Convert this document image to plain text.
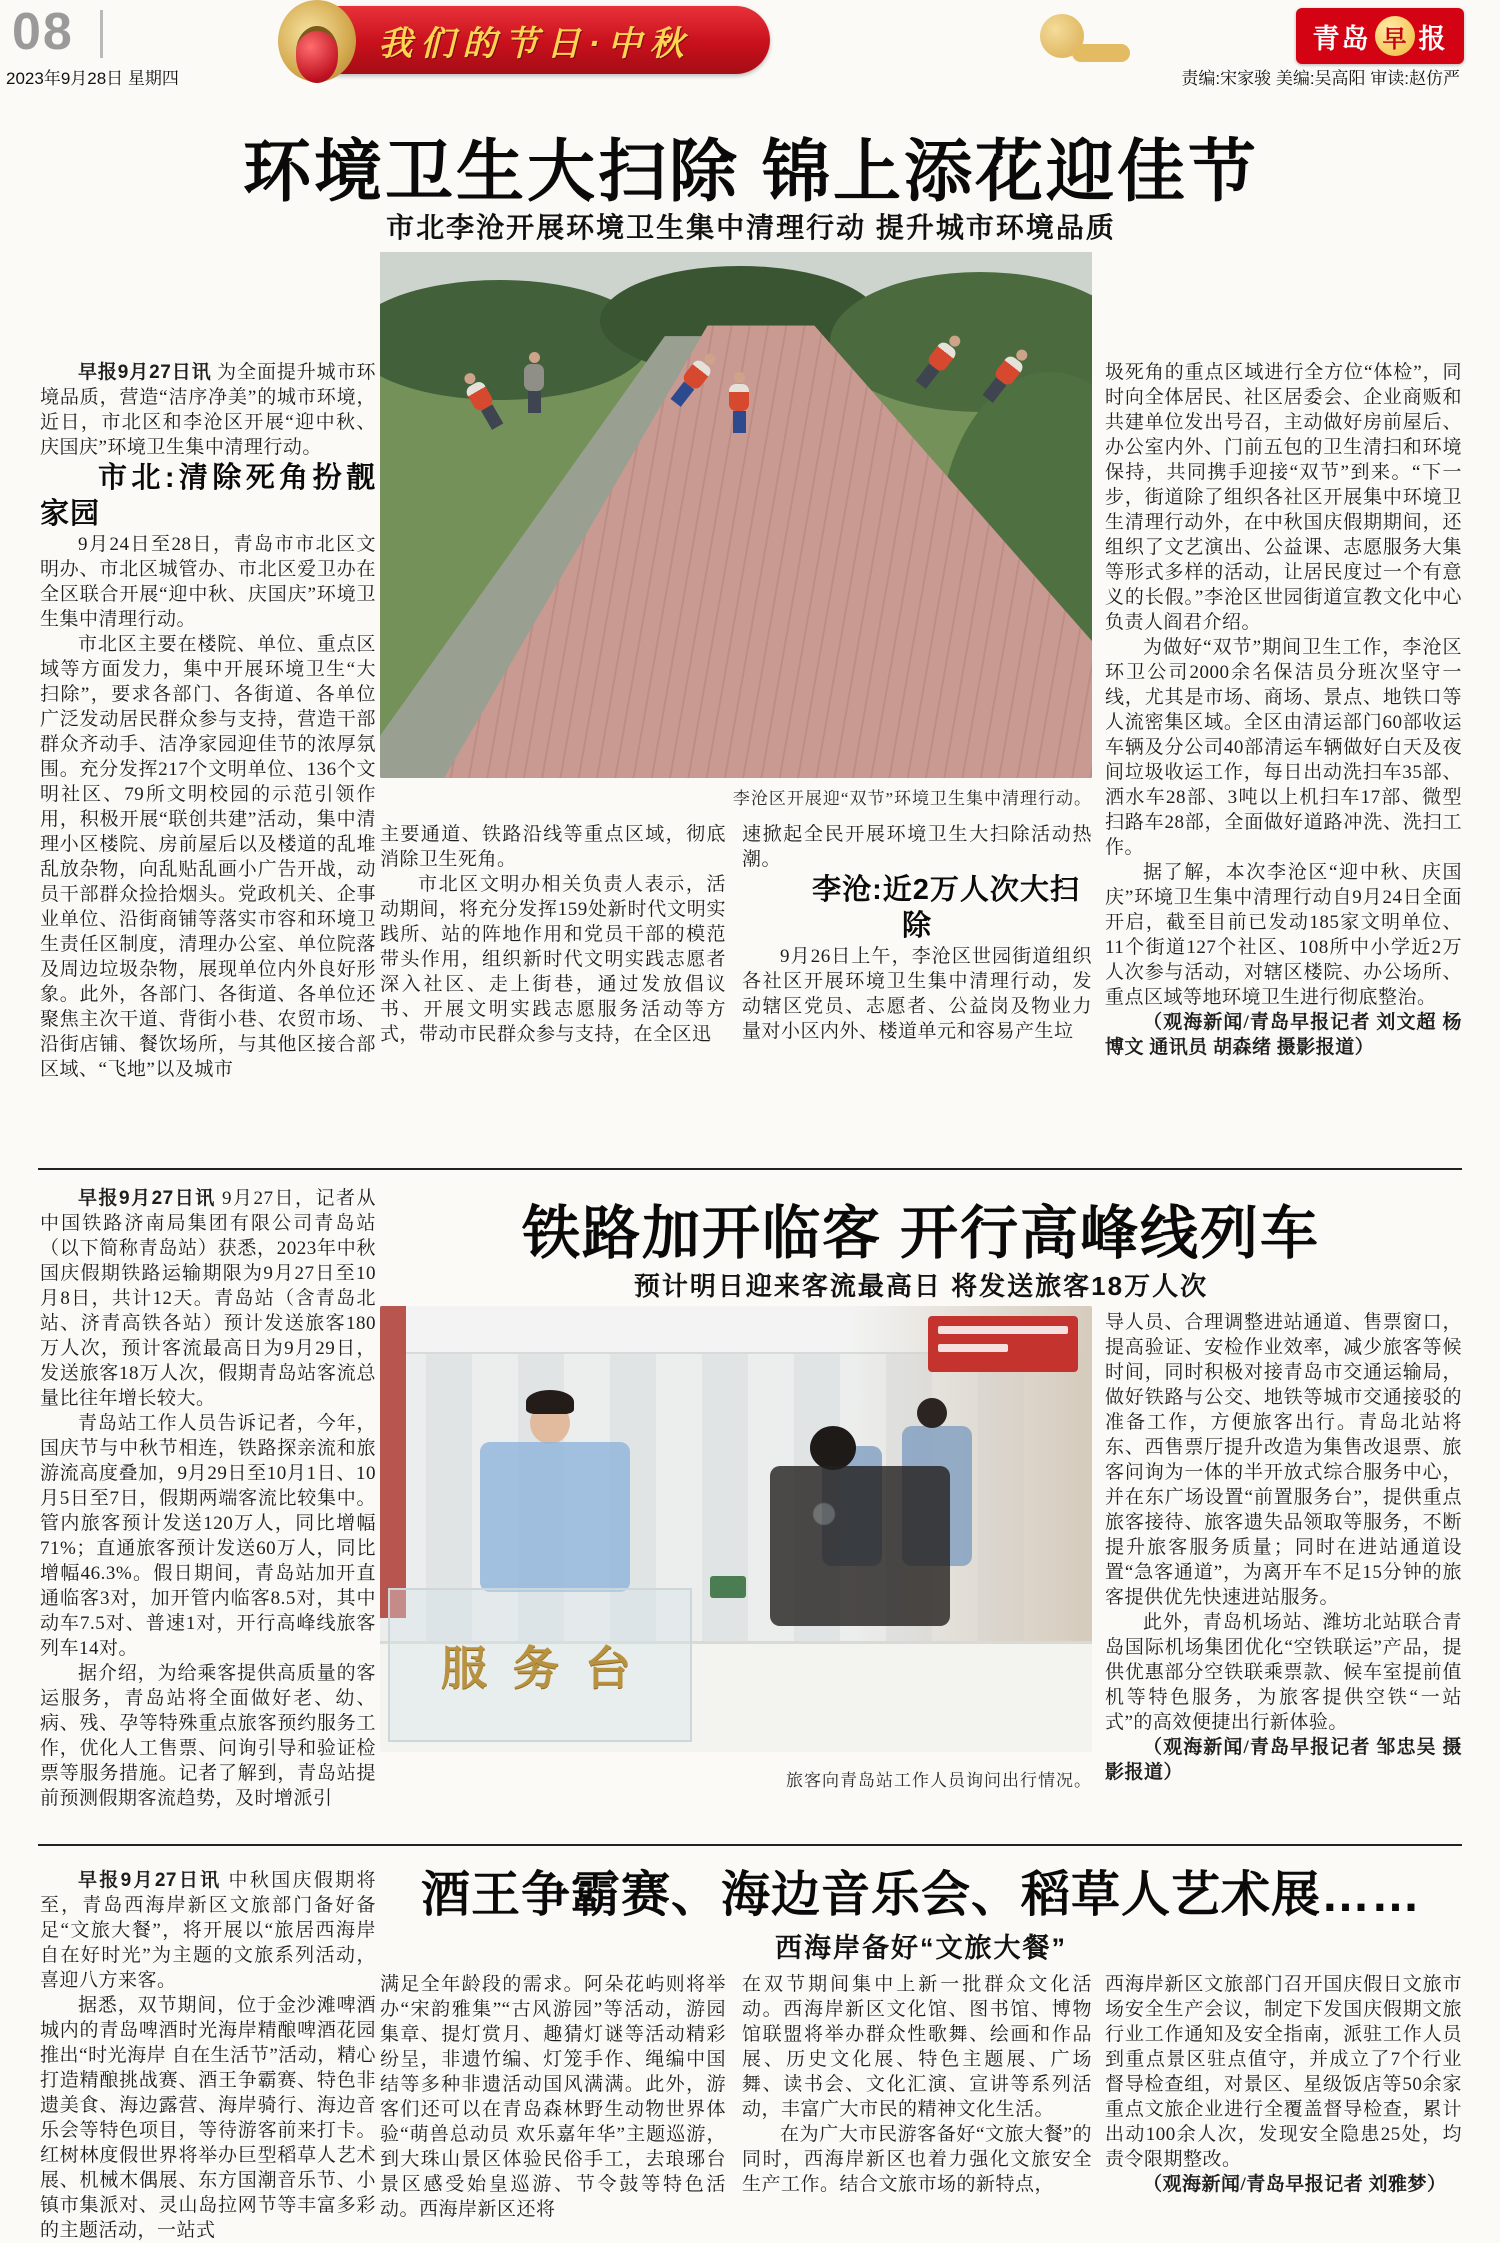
08
2023年9月28日 星期四
我们的节日·中秋	青岛 早 报
责编:宋家骏 美编:吴高阳 审读:赵仿严
环境卫生大扫除 锦上添花迎佳节
市北李沧开展环境卫生集中清理行动 提升城市环境品质

早报9月27日讯 为全面提升城市环境品质，营造“洁序净美”的城市环境，近日，市北区和李沧区开展“迎中秋、庆国庆”环境卫生集中清理行动。

市北:清除死角扮靓家园

9月24日至28日，青岛市市北区文明办、市北区城管办、市北区爱卫办在全区联合开展“迎中秋、庆国庆”环境卫生集中清理行动。

市北区主要在楼院、单位、重点区域等方面发力，集中开展环境卫生“大扫除”，要求各部门、各街道、各单位广泛发动居民群众参与支持，营造干部群众齐动手、洁净家园迎佳节的浓厚氛围。充分发挥217个文明单位、136个文明社区、79所文明校园的示范引领作用，积极开展“联创共建”活动，集中清理小区楼院、房前屋后以及楼道的乱堆乱放杂物，向乱贴乱画小广告开战，动员干部群众捡拾烟头。党政机关、企事业单位、沿街商铺等落实市容和环境卫生责任区制度，清理办公室、单位院落及周边垃圾杂物，展现单位内外良好形象。此外，各部门、各街道、各单位还聚焦主次干道、背街小巷、农贸市场、沿街店铺、餐饮场所，与其他区接合部区域、“飞地”以及城市

李沧区开展迎“双节”环境卫生集中清理行动。

主要通道、铁路沿线等重点区域，彻底消除卫生死角。

市北区文明办相关负责人表示，活动期间，将充分发挥159处新时代文明实践所、站的阵地作用和党员干部的模范带头作用，组织新时代文明实践志愿者深入社区、走上街巷，通过发放倡议书、开展文明实践志愿服务活动等方式，带动市民群众参与支持，在全区迅

速掀起全民开展环境卫生大扫除活动热潮。

李沧:近2万人次大扫除

9月26日上午，李沧区世园街道组织各社区开展环境卫生集中清理行动，发动辖区党员、志愿者、公益岗及物业力量对小区内外、楼道单元和容易产生垃

圾死角的重点区域进行全方位“体检”，同时向全体居民、社区居委会、企业商贩和共建单位发出号召，主动做好房前屋后、办公室内外、门前五包的卫生清扫和环境保持，共同携手迎接“双节”到来。“下一步，街道除了组织各社区开展集中环境卫生清理行动外，在中秋国庆假期期间，还组织了文艺演出、公益课、志愿服务大集等形式多样的活动，让居民度过一个有意义的长假。”李沧区世园街道宣教文化中心负责人阎君介绍。

为做好“双节”期间卫生工作，李沧区环卫公司2000余名保洁员分班次坚守一线，尤其是市场、商场、景点、地铁口等人流密集区域。全区由清运部门60部收运车辆及分公司40部清运车辆做好白天及夜间垃圾收运工作，每日出动洗扫车35部、洒水车28部、3吨以上机扫车17部、微型扫路车28部，全面做好道路冲洗、洗扫工作。

据了解，本次李沧区“迎中秋、庆国庆”环境卫生集中清理行动自9月24日全面开启，截至目前已发动185家文明单位、11个街道127个社区、108所中小学近2万人次参与活动，对辖区楼院、办公场所、重点区域等地环境卫生进行彻底整治。

（观海新闻/青岛早报记者 刘文超 杨博文 通讯员 胡森绪 摄影报道）

早报9月27日讯 9月27日，记者从中国铁路济南局集团有限公司青岛站（以下简称青岛站）获悉，2023年中秋国庆假期铁路运输期限为9月27日至10月8日，共计12天。青岛站（含青岛北站、济青高铁各站）预计发送旅客180万人次，预计客流最高日为9月29日，发送旅客18万人次，假期青岛站客流总量比往年增长较大。

青岛站工作人员告诉记者，今年，国庆节与中秋节相连，铁路探亲流和旅游流高度叠加，9月29日至10月1日、10月5日至7日，假期两端客流比较集中。管内旅客预计发送120万人，同比增幅71%；直通旅客预计发送60万人，同比增幅46.3%。假日期间，青岛站加开直通临客3对，加开管内临客8.5对，其中动车7.5对、普速1对，开行高峰线旅客列车14对。

据介绍，为给乘客提供高质量的客运服务，青岛站将全面做好老、幼、病、残、孕等特殊重点旅客预约服务工作，优化人工售票、问询引导和验证检票等服务措施。记者了解到，青岛站提前预测假期客流趋势，及时增派引

铁路加开临客 开行高峰线列车
预计明日迎来客流最高日 将发送旅客18万人次
服务台
旅客向青岛站工作人员询问出行情况。

导人员、合理调整进站通道、售票窗口，提高验证、安检作业效率，减少旅客等候时间，同时积极对接青岛市交通运输局，做好铁路与公交、地铁等城市交通接驳的准备工作，方便旅客出行。青岛北站将东、西售票厅提升改造为集售改退票、旅客问询为一体的半开放式综合服务中心，并在东广场设置“前置服务台”，提供重点旅客接待、旅客遗失品领取等服务，不断提升旅客服务质量；同时在进站通道设置“急客通道”，为离开车不足15分钟的旅客提供优先快速进站服务。

此外，青岛机场站、潍坊北站联合青岛国际机场集团优化“空铁联运”产品，提供优惠部分空铁联乘票款、候车室提前值机等特色服务，为旅客提供空铁“一站式”的高效便捷出行新体验。

（观海新闻/青岛早报记者 邹忠吴 摄影报道）

早报9月27日讯 中秋国庆假期将至，青岛西海岸新区文旅部门备好备足“文旅大餐”，将开展以“旅居西海岸 自在好时光”为主题的文旅系列活动，喜迎八方来客。

据悉，双节期间，位于金沙滩啤酒城内的青岛啤酒时光海岸精酿啤酒花园推出“时光海岸 自在生活节”活动，精心打造精酿挑战赛、酒王争霸赛、特色非遗美食、海边露营、海岸骑行、海边音乐会等特色项目，等待游客前来打卡。红树林度假世界将举办巨型稻草人艺术展、机械木偶展、东方国潮音乐节、小镇市集派对、灵山岛拉网节等丰富多彩的主题活动，一站式

酒王争霸赛、海边音乐会、稻草人艺术展……
西海岸备好“文旅大餐”

满足全年龄段的需求。阿朵花屿则将举办“宋韵雅集”“古风游园”等活动，游园集章、提灯赏月、趣猜灯谜等活动精彩纷呈，非遗竹编、灯笼手作、绳编中国结等多种非遗活动国风满满。此外，游客们还可以在青岛森林野生动物世界体验“萌兽总动员 欢乐嘉年华”主题巡游，到大珠山景区体验民俗手工，去琅琊台景区感受始皇巡游、节令鼓等特色活动。西海岸新区还将

在双节期间集中上新一批群众文化活动。西海岸新区文化馆、图书馆、博物馆联盟将举办群众性歌舞、绘画和作品展、历史文化展、特色主题展、广场舞、读书会、文化汇演、宣讲等系列活动，丰富广大市民的精神文化生活。

在为广大市民游客备好“文旅大餐”的同时，西海岸新区也着力强化文旅安全生产工作。结合文旅市场的新特点，

西海岸新区文旅部门召开国庆假日文旅市场安全生产会议，制定下发国庆假期文旅行业工作通知及安全指南，派驻工作人员到重点景区驻点值守，并成立了7个行业督导检查组，对景区、星级饭店等50余家重点文旅企业进行全覆盖督导检查，累计出动100余人次，发现安全隐患25处，均责令限期整改。

（观海新闻/青岛早报记者 刘雅梦）
